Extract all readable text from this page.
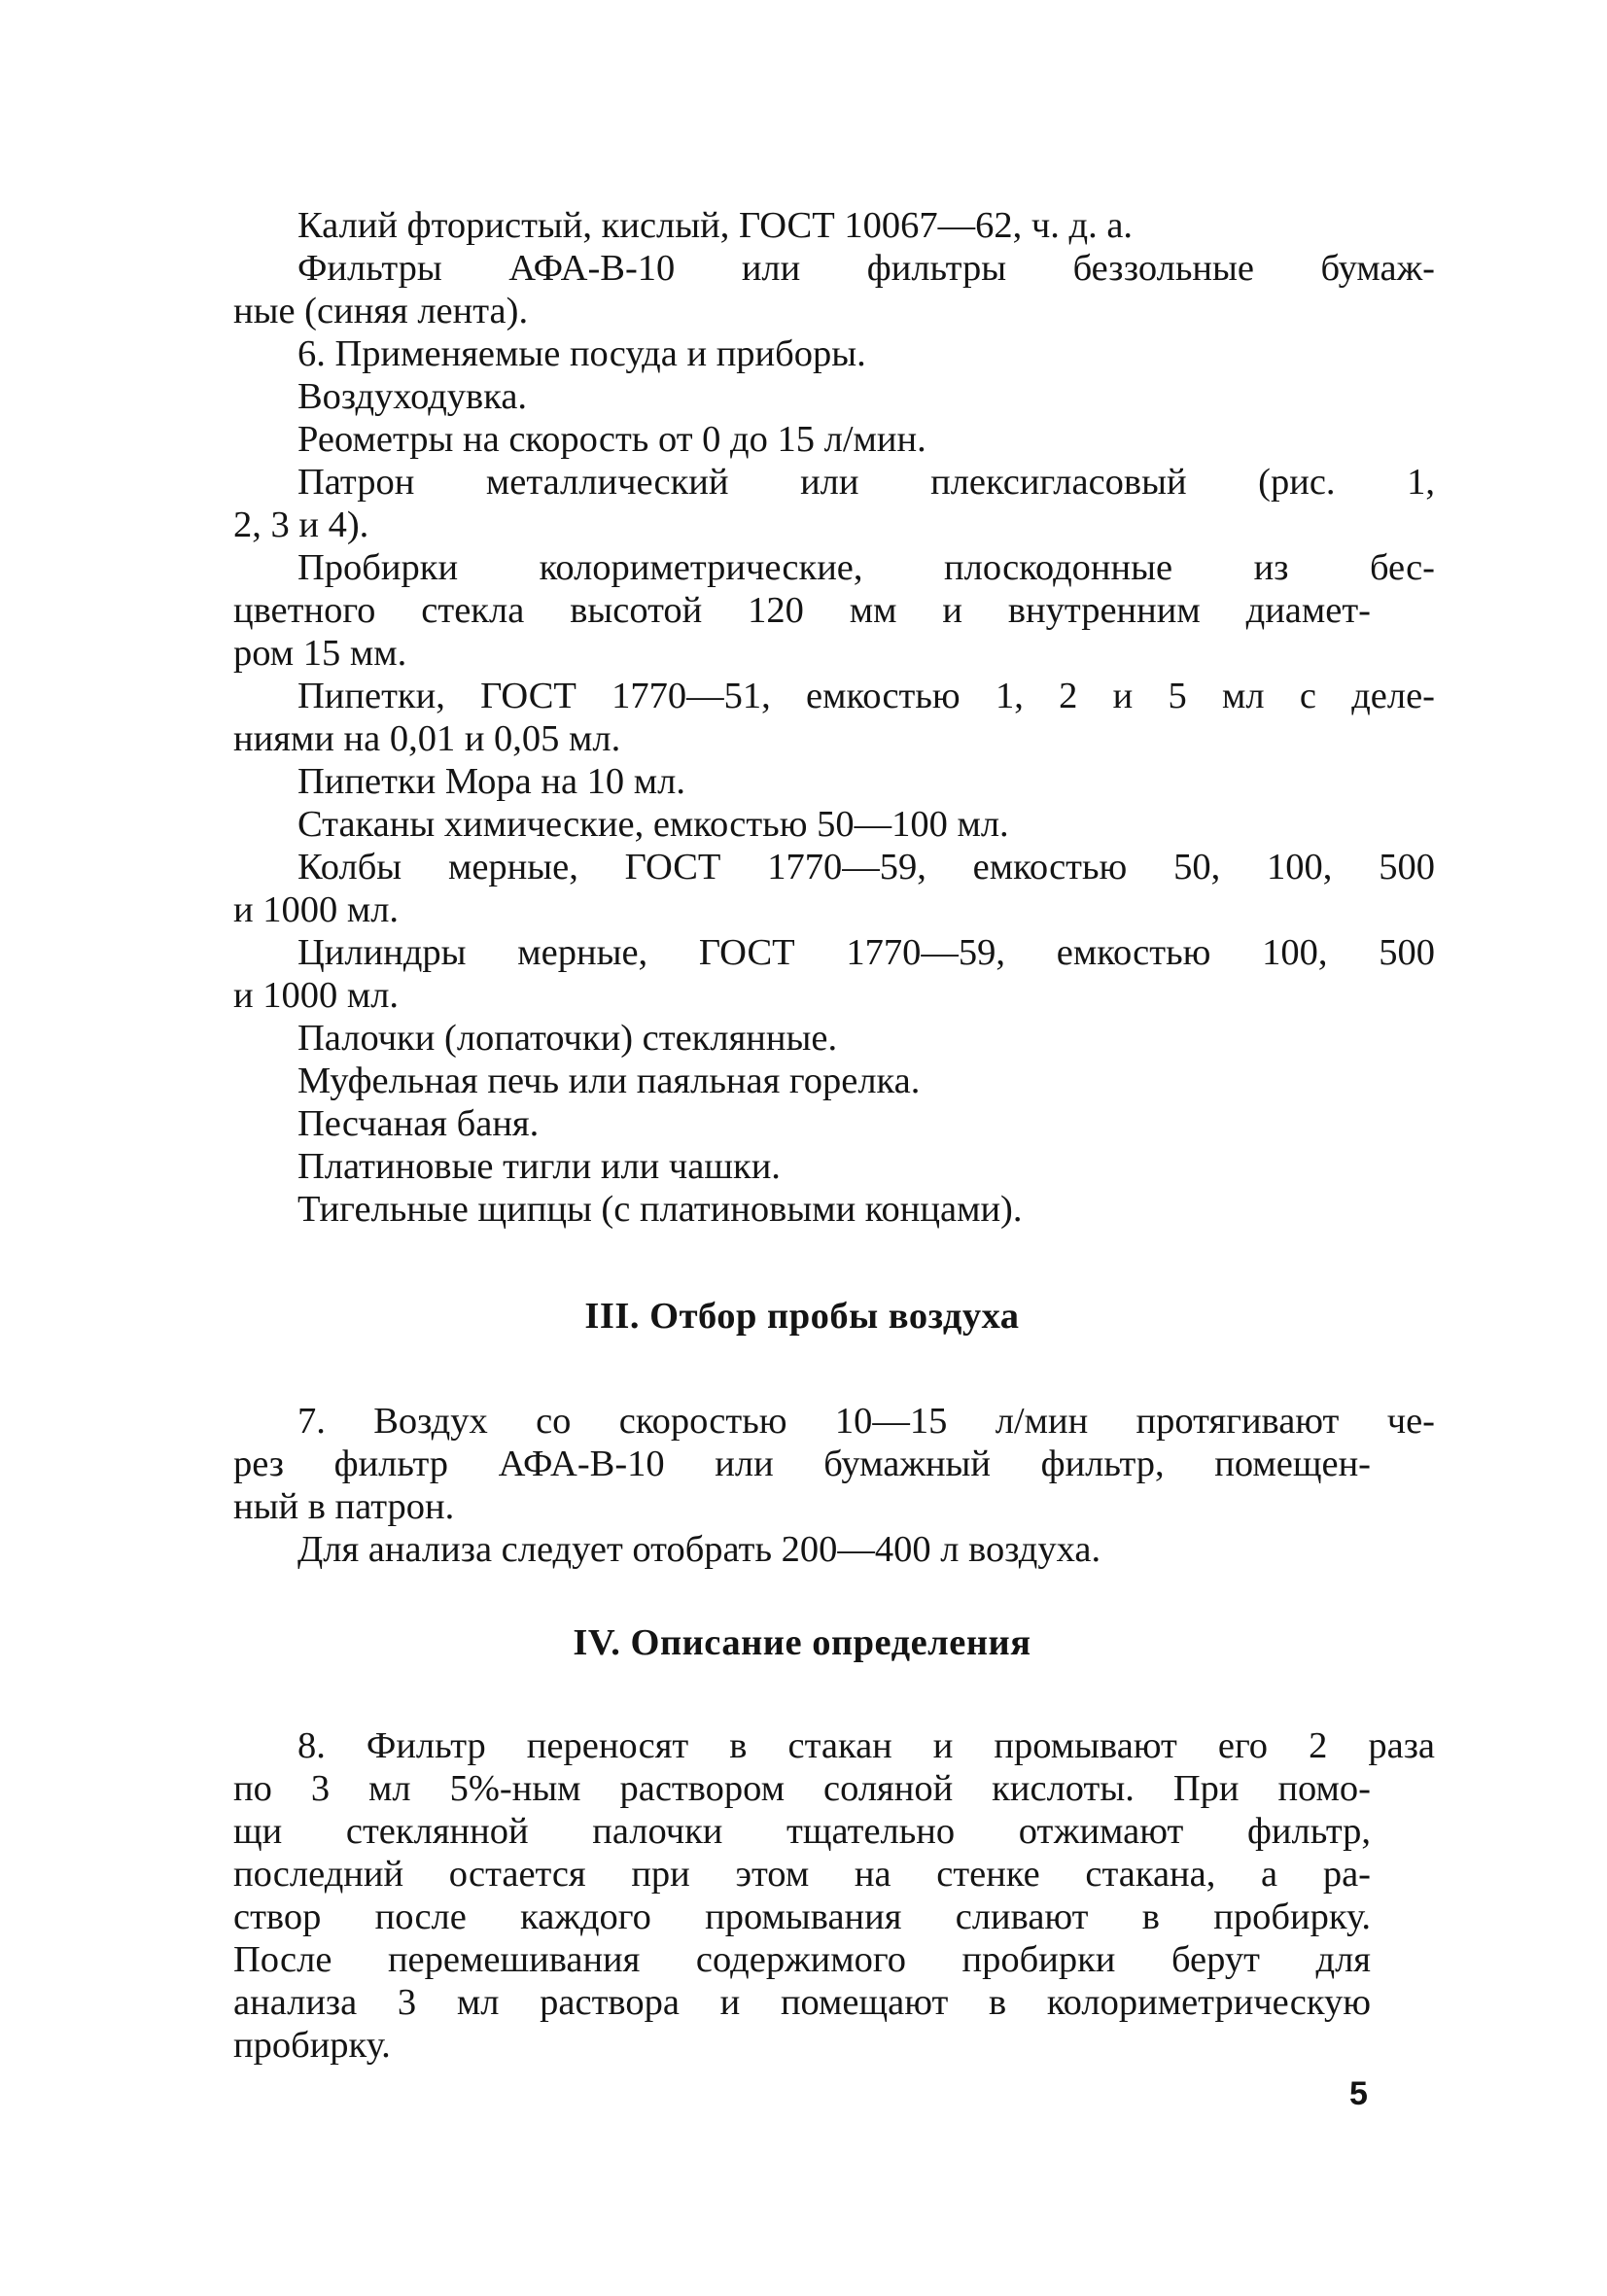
Калий фтористый, кислый, ГОСТ 10067—62, ч. д. а.
Фильтры АФА-В-10 или фильтры беззольные бумаж-
ные (синяя лента).
6. Применяемые посуда и приборы.
Воздуходувка.
Реометры на скорость от 0 до 15 л/мин.
Патрон металлический или плексигласовый (рис. 1,
2, 3 и 4).
Пробирки колориметрические, плоскодонные из бес-
цветного стекла высотой 120 мм и внутренним диамет-
ром 15 мм.
Пипетки, ГОСТ 1770—51, емкостью 1, 2 и 5 мл с деле-
ниями на 0,01 и 0,05 мл.
Пипетки Мора на 10 мл.
Стаканы химические, емкостью 50—100 мл.
Колбы мерные, ГОСТ 1770—59, емкостью 50, 100, 500
и 1000 мл.
Цилиндры мерные, ГОСТ 1770—59, емкостью 100, 500
и 1000 мл.
Палочки (лопаточки) стеклянные.
Муфельная печь или паяльная горелка.
Песчаная баня.
Платиновые тигли или чашки.
Тигельные щипцы (с платиновыми концами).
III. Отбор пробы воздуха
7. Воздух со скоростью 10—15 л/мин протягивают че-
рез фильтр АФА-В-10 или бумажный фильтр, помещен-
ный в патрон.
Для анализа следует отобрать 200—400 л воздуха.
IV. Описание определения
8. Фильтр переносят в стакан и промывают его 2 раза
по 3 мл 5%-ным раствором соляной кислоты. При помо-
щи стеклянной палочки тщательно отжимают фильтр,
последний остается при этом на стенке стакана, а ра-
створ после каждого промывания сливают в пробирку.
После перемешивания содержимого пробирки берут для
анализа 3 мл раствора и помещают в колориметрическую
пробирку.
5
